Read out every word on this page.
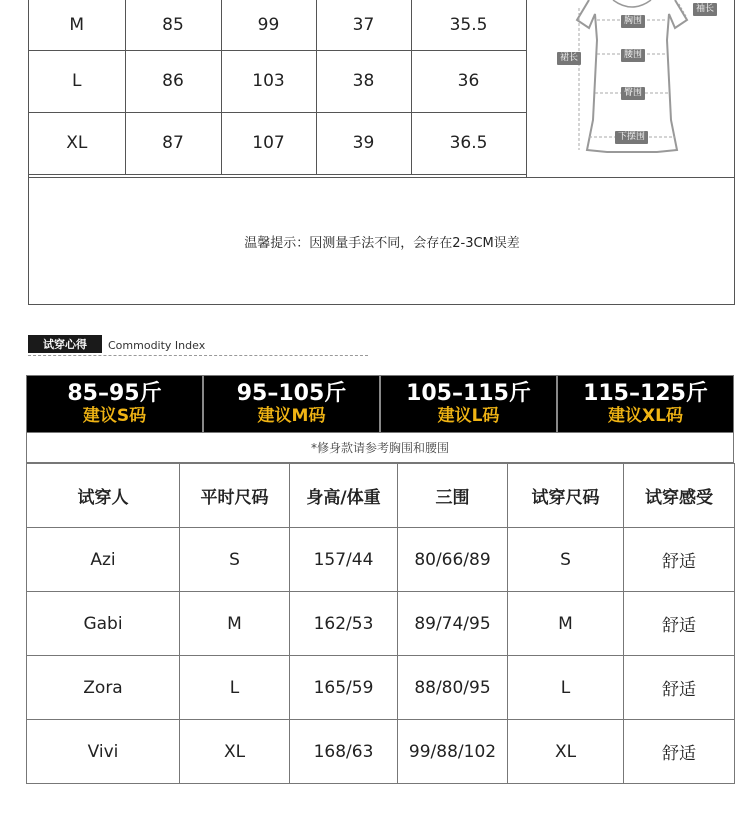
M	85	99	37	35.5
L	86	103	38	36
XL	87	107	39	36.5
袖长
胸围
腰围
臀围
下摆围
裙长
温馨提示：因测量手法不同，会存在2-3CM误差
试穿心得	Commodity Index
85–95斤
建议S码
95–105斤
建议M码
105–115斤
建议L码
115–125斤
建议XL码
*修身款请参考胸围和腰围
试穿人	平时尺码	身高/体重	三围	试穿尺码	试穿感受
Azi	S	157/44	80/66/89	S	舒适
Gabi	M	162/53	89/74/95	M	舒适
Zora	L	165/59	88/80/95	L	舒适
Vivi	XL	168/63	99/88/102	XL	舒适
